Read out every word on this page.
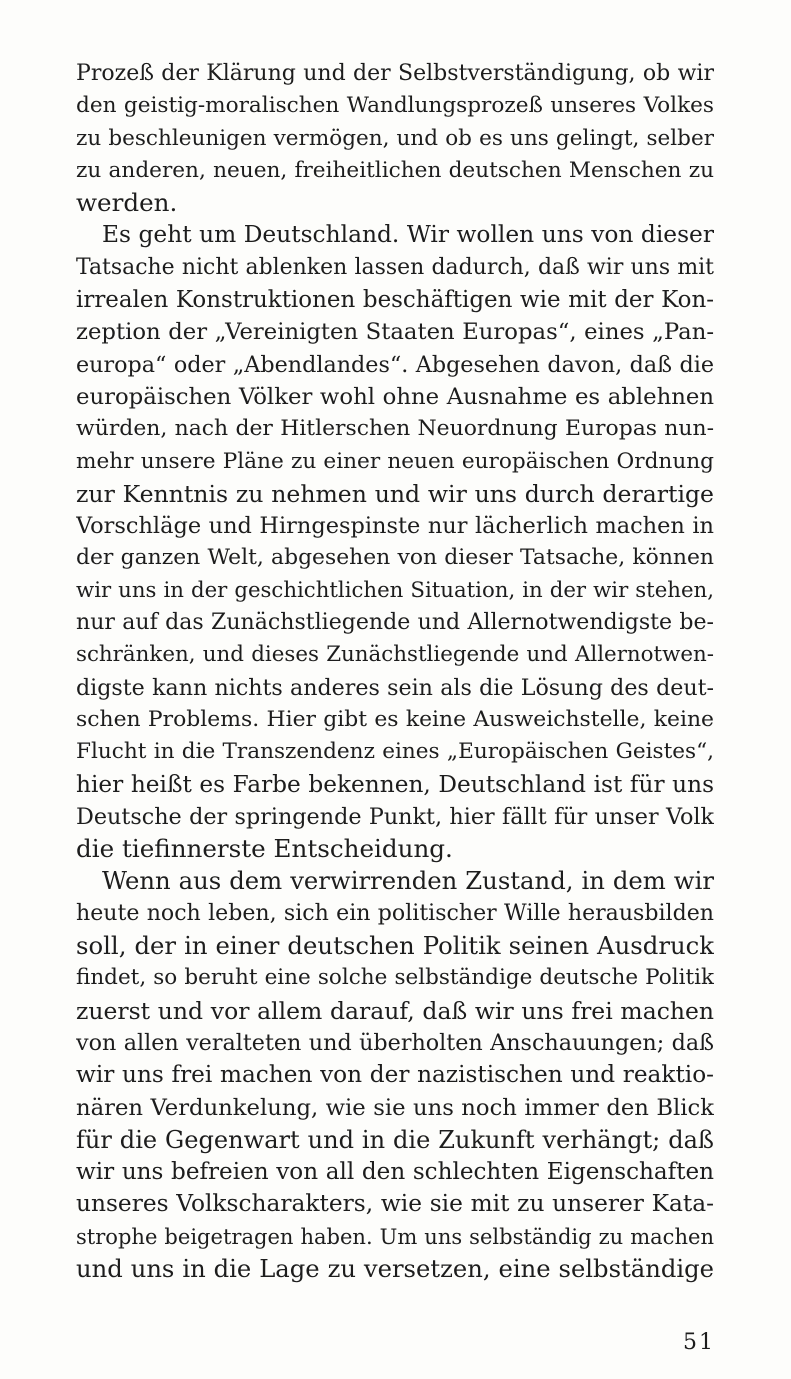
Prozeß der Klärung und der Selbstverständigung, ob wir
den geistig-moralischen Wandlungsprozeß unseres Volkes
zu beschleunigen vermögen, und ob es uns gelingt, selber
zu anderen, neuen, freiheitlichen deutschen Menschen zu
werden.
Es geht um Deutschland. Wir wollen uns von dieser
Tatsache nicht ablenken lassen dadurch, daß wir uns mit
irrealen Konstruktionen beschäftigen wie mit der Kon-
zeption der „Vereinigten Staaten Europas“, eines „Pan-
europa“ oder „Abendlandes“. Abgesehen davon, daß die
europäischen Völker wohl ohne Ausnahme es ablehnen
würden, nach der Hitlerschen Neuordnung Europas nun-
mehr unsere Pläne zu einer neuen europäischen Ordnung
zur Kenntnis zu nehmen und wir uns durch derartige
Vorschläge und Hirngespinste nur lächerlich machen in
der ganzen Welt, abgesehen von dieser Tatsache, können
wir uns in der geschichtlichen Situation, in der wir stehen,
nur auf das Zunächstliegende und Allernotwendigste be-
schränken, und dieses Zunächstliegende und Allernotwen-
digste kann nichts anderes sein als die Lösung des deut-
schen Problems. Hier gibt es keine Ausweichstelle, keine
Flucht in die Transzendenz eines „Europäischen Geistes“,
hier heißt es Farbe bekennen, Deutschland ist für uns
Deutsche der springende Punkt, hier fällt für unser Volk
die tiefinnerste Entscheidung.
Wenn aus dem verwirrenden Zustand, in dem wir
heute noch leben, sich ein politischer Wille herausbilden
soll, der in einer deutschen Politik seinen Ausdruck
findet, so beruht eine solche selbständige deutsche Politik
zuerst und vor allem darauf, daß wir uns frei machen
von allen veralteten und überholten Anschauungen; daß
wir uns frei machen von der nazistischen und reaktio-
nären Verdunkelung, wie sie uns noch immer den Blick
für die Gegenwart und in die Zukunft verhängt; daß
wir uns befreien von all den schlechten Eigenschaften
unseres Volkscharakters, wie sie mit zu unserer Kata-
strophe beigetragen haben. Um uns selbständig zu machen
und uns in die Lage zu versetzen, eine selbständige
51
